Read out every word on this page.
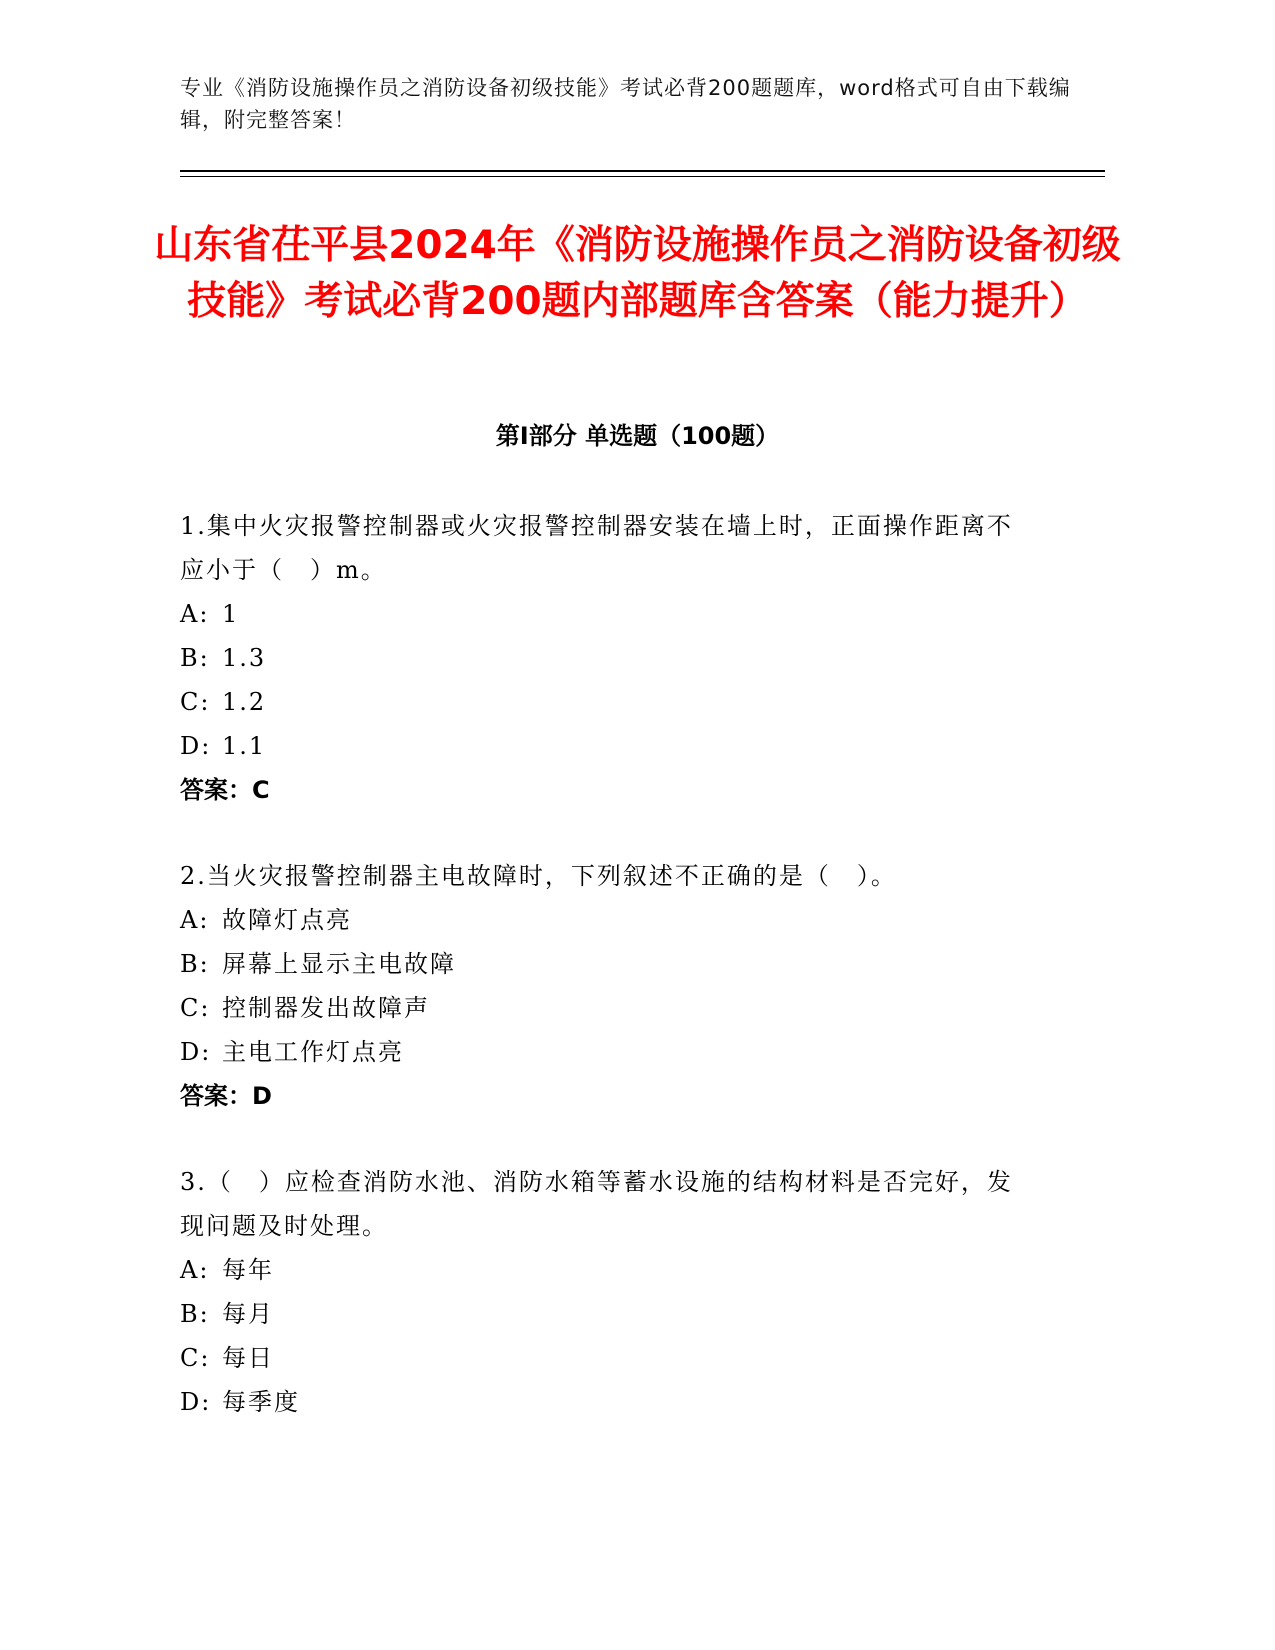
专业《消防设施操作员之消防设备初级技能》考试必背200题题库，word格式可自由下载编辑，附完整答案！
山东省茌平县2024年《消防设施操作员之消防设备初级技能》考试必背200题内部题库含答案（能力提升）
第Ⅰ部分 单选题（100题）
1.集中火灾报警控制器或火灾报警控制器安装在墙上时，正面操作距离不应小于（　）m。
A: 1
B: 1.3
C: 1.2
D: 1.1
答案：C
2.当火灾报警控制器主电故障时，下列叙述不正确的是（　）。
A: 故障灯点亮
B: 屏幕上显示主电故障
C: 控制器发出故障声
D: 主电工作灯点亮
答案：D
3.（　）应检查消防水池、消防水箱等蓄水设施的结构材料是否完好，发现问题及时处理。
A: 每年
B: 每月
C: 每日
D: 每季度
